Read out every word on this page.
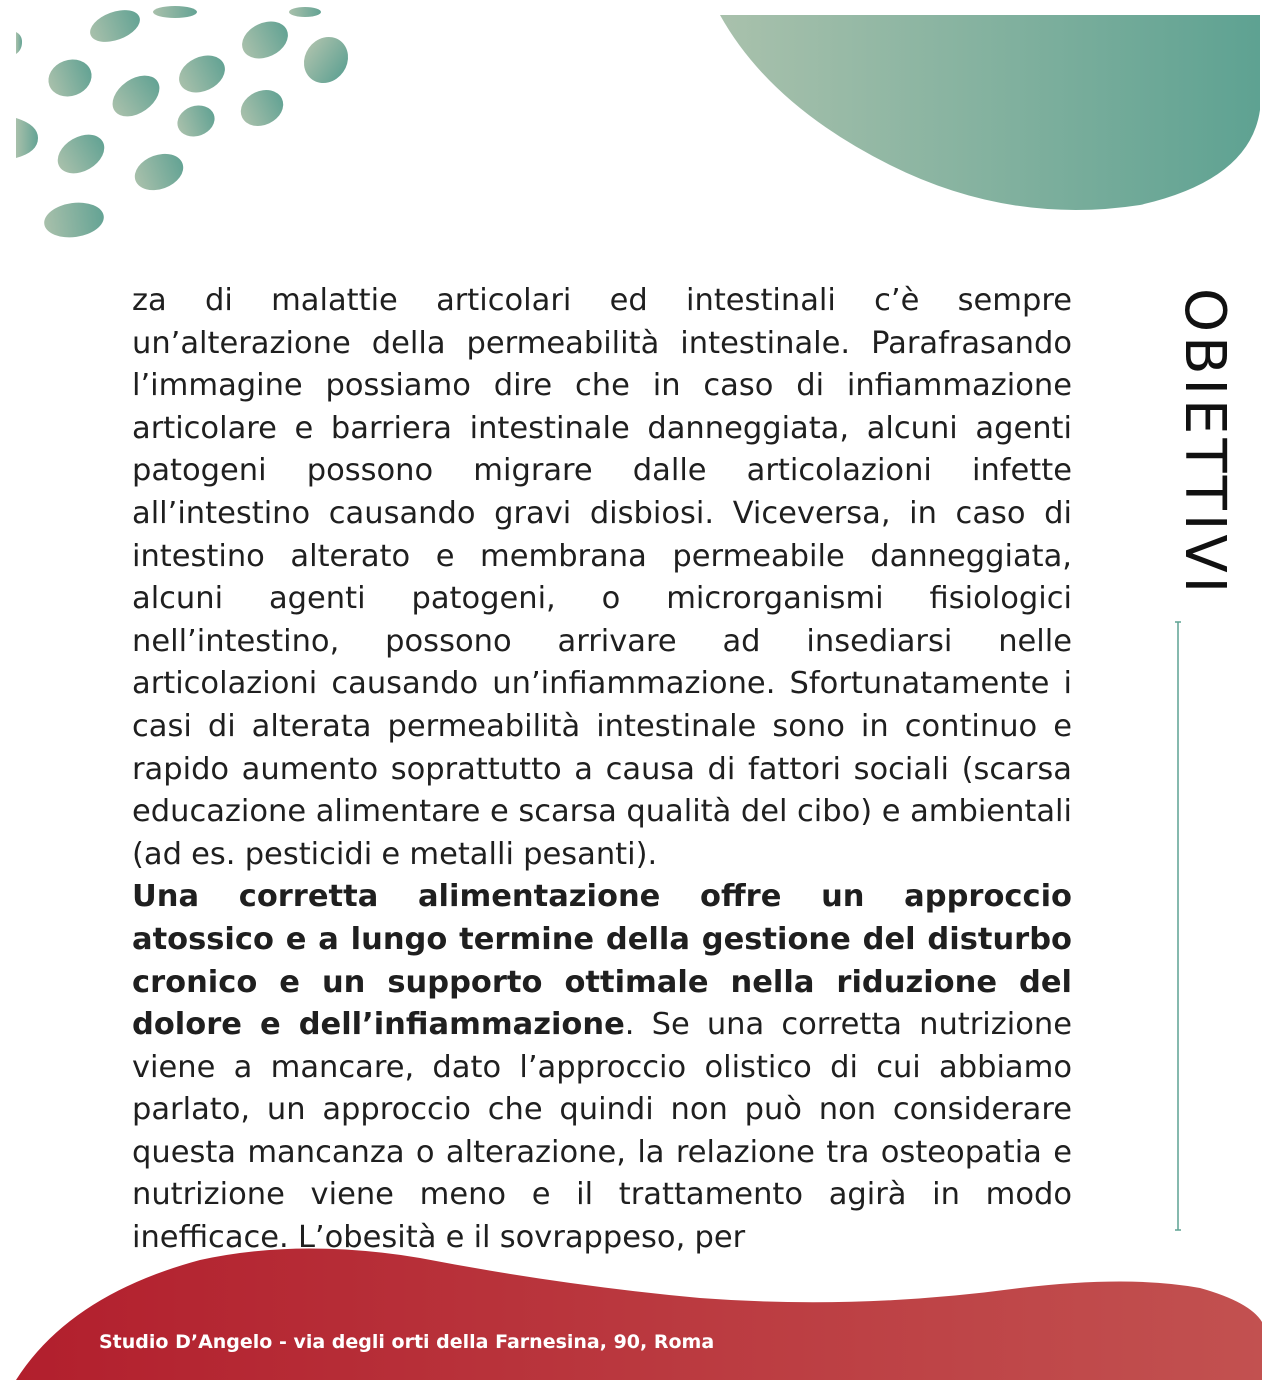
za di malattie articolari ed intestinali c’è sempre un’alterazione della permeabilità intestinale. Parafrasando l’immagine possiamo dire che in caso di infiammazione articolare e barriera intestinale danneggiata, alcuni agenti patogeni possono migrare dalle articolazioni infette all’intestino causando gravi disbiosi. Viceversa, in caso di intestino alterato e membrana permeabile danneggiata, alcuni agenti patogeni, o microrganismi fisiologici nell’intestino, possono arrivare ad insediarsi nelle articolazioni causando un’infiammazione. Sfortunatamente i casi di alterata permeabilità intestinale sono in continuo e rapido aumento soprattutto a causa di fattori sociali (scarsa educazione alimentare e scarsa qualità del cibo) e ambientali (ad es. pesticidi e metalli pesanti).

Una corretta alimentazione offre un approccio atossico e a lungo termine della gestione del disturbo cronico e un supporto ottimale nella riduzione del dolore e dell’infiammazione. Se una corretta nutrizione viene a mancare, dato l’approccio olistico di cui abbiamo parlato, un approccio che quindi non può non considerare questa mancanza o alterazione, la relazione tra osteopatia e nutrizione viene meno e il trattamento agirà in modo inefficace. L’obesità e il sovrappeso, per

OBIETTIVI
Studio D’Angelo - via degli orti della Farnesina, 90, Roma
